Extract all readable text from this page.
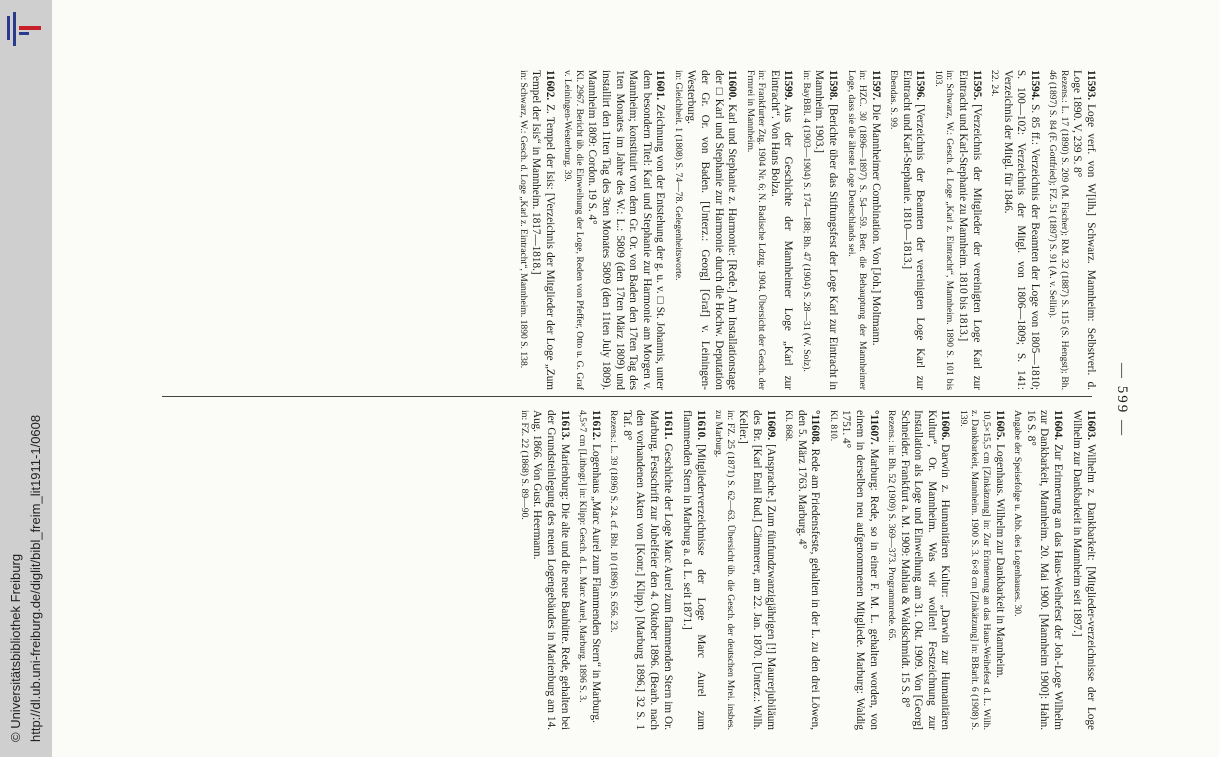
http://dl.ub.uni-freiburg.de/diglit/bibl_freim_lit1911-1/0608
© Universitätsbibliothek Freiburg
— 599 —
11593.Loge verf. von W[ilh.] Schwarz. Mannheim: Selbstverl. d. Loge 1890. V, 239 S. 8°
Rezens.: L. 17 (1890) S. 209 (M. Fischer); RM. 32 (1887) S. 115 (S. Hengst); Bh. 46 (1897) S. 84 (F. Gottfried); FZ. 51 (1897) S. 91 (A. v. Sellin).
11594.S. 85 ff.: Verzeichnis der Beamten der Loge von 1805—1810; S. 100—102: Verzeichnis der Mitgl. von 1806—1809; S. 141: Verzeichnis der Mitgl. für 1846.
22. 24.
11595.[Verzeichnis der Mitglieder der vereinigten Loge Karl zur Eintracht und Karl-Stephanie zu Mannheim. 1810 bis 1813.]
in: Schwarz, W.: Gesch. d. Loge „Karl z. Eintracht“, Mannheim. 1890 S. 101 bis 103.
11596.[Verzeichnis der Beamten der vereinigten Loge Karl zur Eintracht und Karl-Stephanie. 1810—1813.]
Ebendas. S. 99.
11597.Die Mannheimer Combination. Von [Joh.] Moltmann.
in: HZC. 30 (1896—1897) S. 54—59. Betr. die Behauptung der Mannheimer Loge, dass sie die älteste Loge Deutschlands sei.
11598.[Berichte über das Stiftungsfest der Loge Karl zur Eintracht in Mannheim. 1903.]
in: BayBBl. 4 (1903—1904) S. 174—188; Bh. 47 (1904) S. 28—31 (W. Solz).
11599.Aus der Geschichte der Mannheimer Loge „Karl zur Eintracht“. Von Hans Bolza.
in: Frankfurter Ztg. 1904 Nr. 6; N. Badische Ldztg. 1904. Übersicht der Gesch. der Frmrei in Mannheim.
11600.Karl und Stephanie z. Harmonie: [Rede.] Am Installationstage der □ Karl und Stephanie zur Harmonie durch die Hochw. Deputation der Gr. Or. von Baden. [Unterz.: Georg] [Graf] v. Leiningen-Westerburg.
in: Gleichheit. 1 (1808) S. 74—78. Gelegenheitsworte.
11601.Zeichnung von der Entstehung der g. u. v. □ St. Johannis, unter dem besondern Titel: Karl und Stephanie zur Harmonie am Morgen v. Mannheim; konstituirt von dem Gr. Or. von Baden den 17ten Tag des 1ten Monates im Jahre des W.: L.: 5809 (den 17ten März 1809) und installirt den 11ten Tag des 3ten Monates 5809 (den 11ten July 1809). Mannheim 1809: Cordon. 19 S. 4°
Kl. 2967. Bericht üb. die Einweihung der Loge, Reden von Pfeffer, Otto u. G. Graf v. Leiningen-Westerburg. 39.
11602.Z. Tempel der Isis: [Verzeichnis der Mitglieder der Loge „Zum Tempel der Isis“ in Mannheim. 1817—1818.]
in: Schwarz, W.: Gesch. d. Loge „Karl z. Eintracht“, Mannheim. 1890 S. 138.
11603.Wilhelm z. Dankbarkeit: [Mitglieder-verzeichnisse der Loge Wilhelm zur Dankbarkeit in Mannheim seit 1897.]
11604.Zur Erinnerung an das Haus-Weihefest der Joh.-Loge Wilhelm zur Dankbarkeit, Mannheim. 20. Mai 1900. [Mannheim 1900]: Hahn. 16 S. 8°
Angabe der Speisefolge u. Abb. des Logenhauses. 30.
11605.Logenhaus. Wilhelm zur Dankbarkeit in Mannheim.
10,5×15,5 cm [Zinkätzung] in: Zur Erinnerung an das Haus-Weihefest d. L. Wilh. z. Dankbarkeit, Mannheim. 1900 S. 3. 6×8 cm [Zinkätzung] in: BBarlt. 6 (1908) S. 139.
11606.Darwin z. Humanitären Kultur: „Darwin zur Humanitären Kultur“, Or. Mannheim. Was wir wollen! Festzeichnung zur Installation als Loge und Einweihung am 31. Okt. 1909. Von [Georg] Schneider. Frankfurt a. M. 1909: Mahlau & Waldschmidt. 15 S. 8°
Rezens.: in: Bh. 52 (1909) S. 369—373. Programmrede. 65.
°11607.Marburg: Rede, so in einer F. M. L. gehalten worden, von einem in derselben neu aufgenommenen Mitgliede. Marburg: Waldig 1751. 4°
Kl. 810.
°11608.Rede am Friedensfeste, gehalten in der L. zu den drei Löwen, den 5. März 1763. Marburg. 4°
Kl. 868.
11609.[Ansprache.] Zum fünfundzwanzigjährigen [!] Maurerjubiläum des Br. [Karl Emil Rud.] Cämmerer, am 22. Jan. 1870. [Unterz.: Wilh. Keller.]
in: FZ. 25 (1871) S. 62—63. Übersicht üb. die Gesch. der deutschen Mrei. insbes. zu Marburg.
11610.[Mitgliederverzeichnisse der Loge Marc Aurel zum flammenden Stern in Marburg a. d. L. seit 1871.]
11611.Geschichte der Loge Marc Aurel zum flammenden Stern im Or. Marburg. Festschrift zur Jubelfeier den 4. Oktober 1896. (Bearb. nach den vorhandenen Akten von [Konr.] Klipp.) [Marburg 1896.] 32 S. 1 Taf. 8°
Rezens.: L. 39 (1896) S. 24. cf. Bbl. 10 (1896) S. 656. 23.
11612.Logenhaus „Marc Aurel zum Flammenden Stern“ in Marburg.
4,5×7 cm [Lithogr.] in: Klipp: Gesch. d. L. Marc Aurel, Marburg. 1896 S. 3.
11613.Marienburg: Die alte und die neue Bauhütte. Rede, gehalten bei der Grundsteinlegung des neuen Logengebäudes in Marienburg am 14. Aug. 1866. Von Gust. Heermann.
in: FZ. 22 (1868) S. 89—90.
